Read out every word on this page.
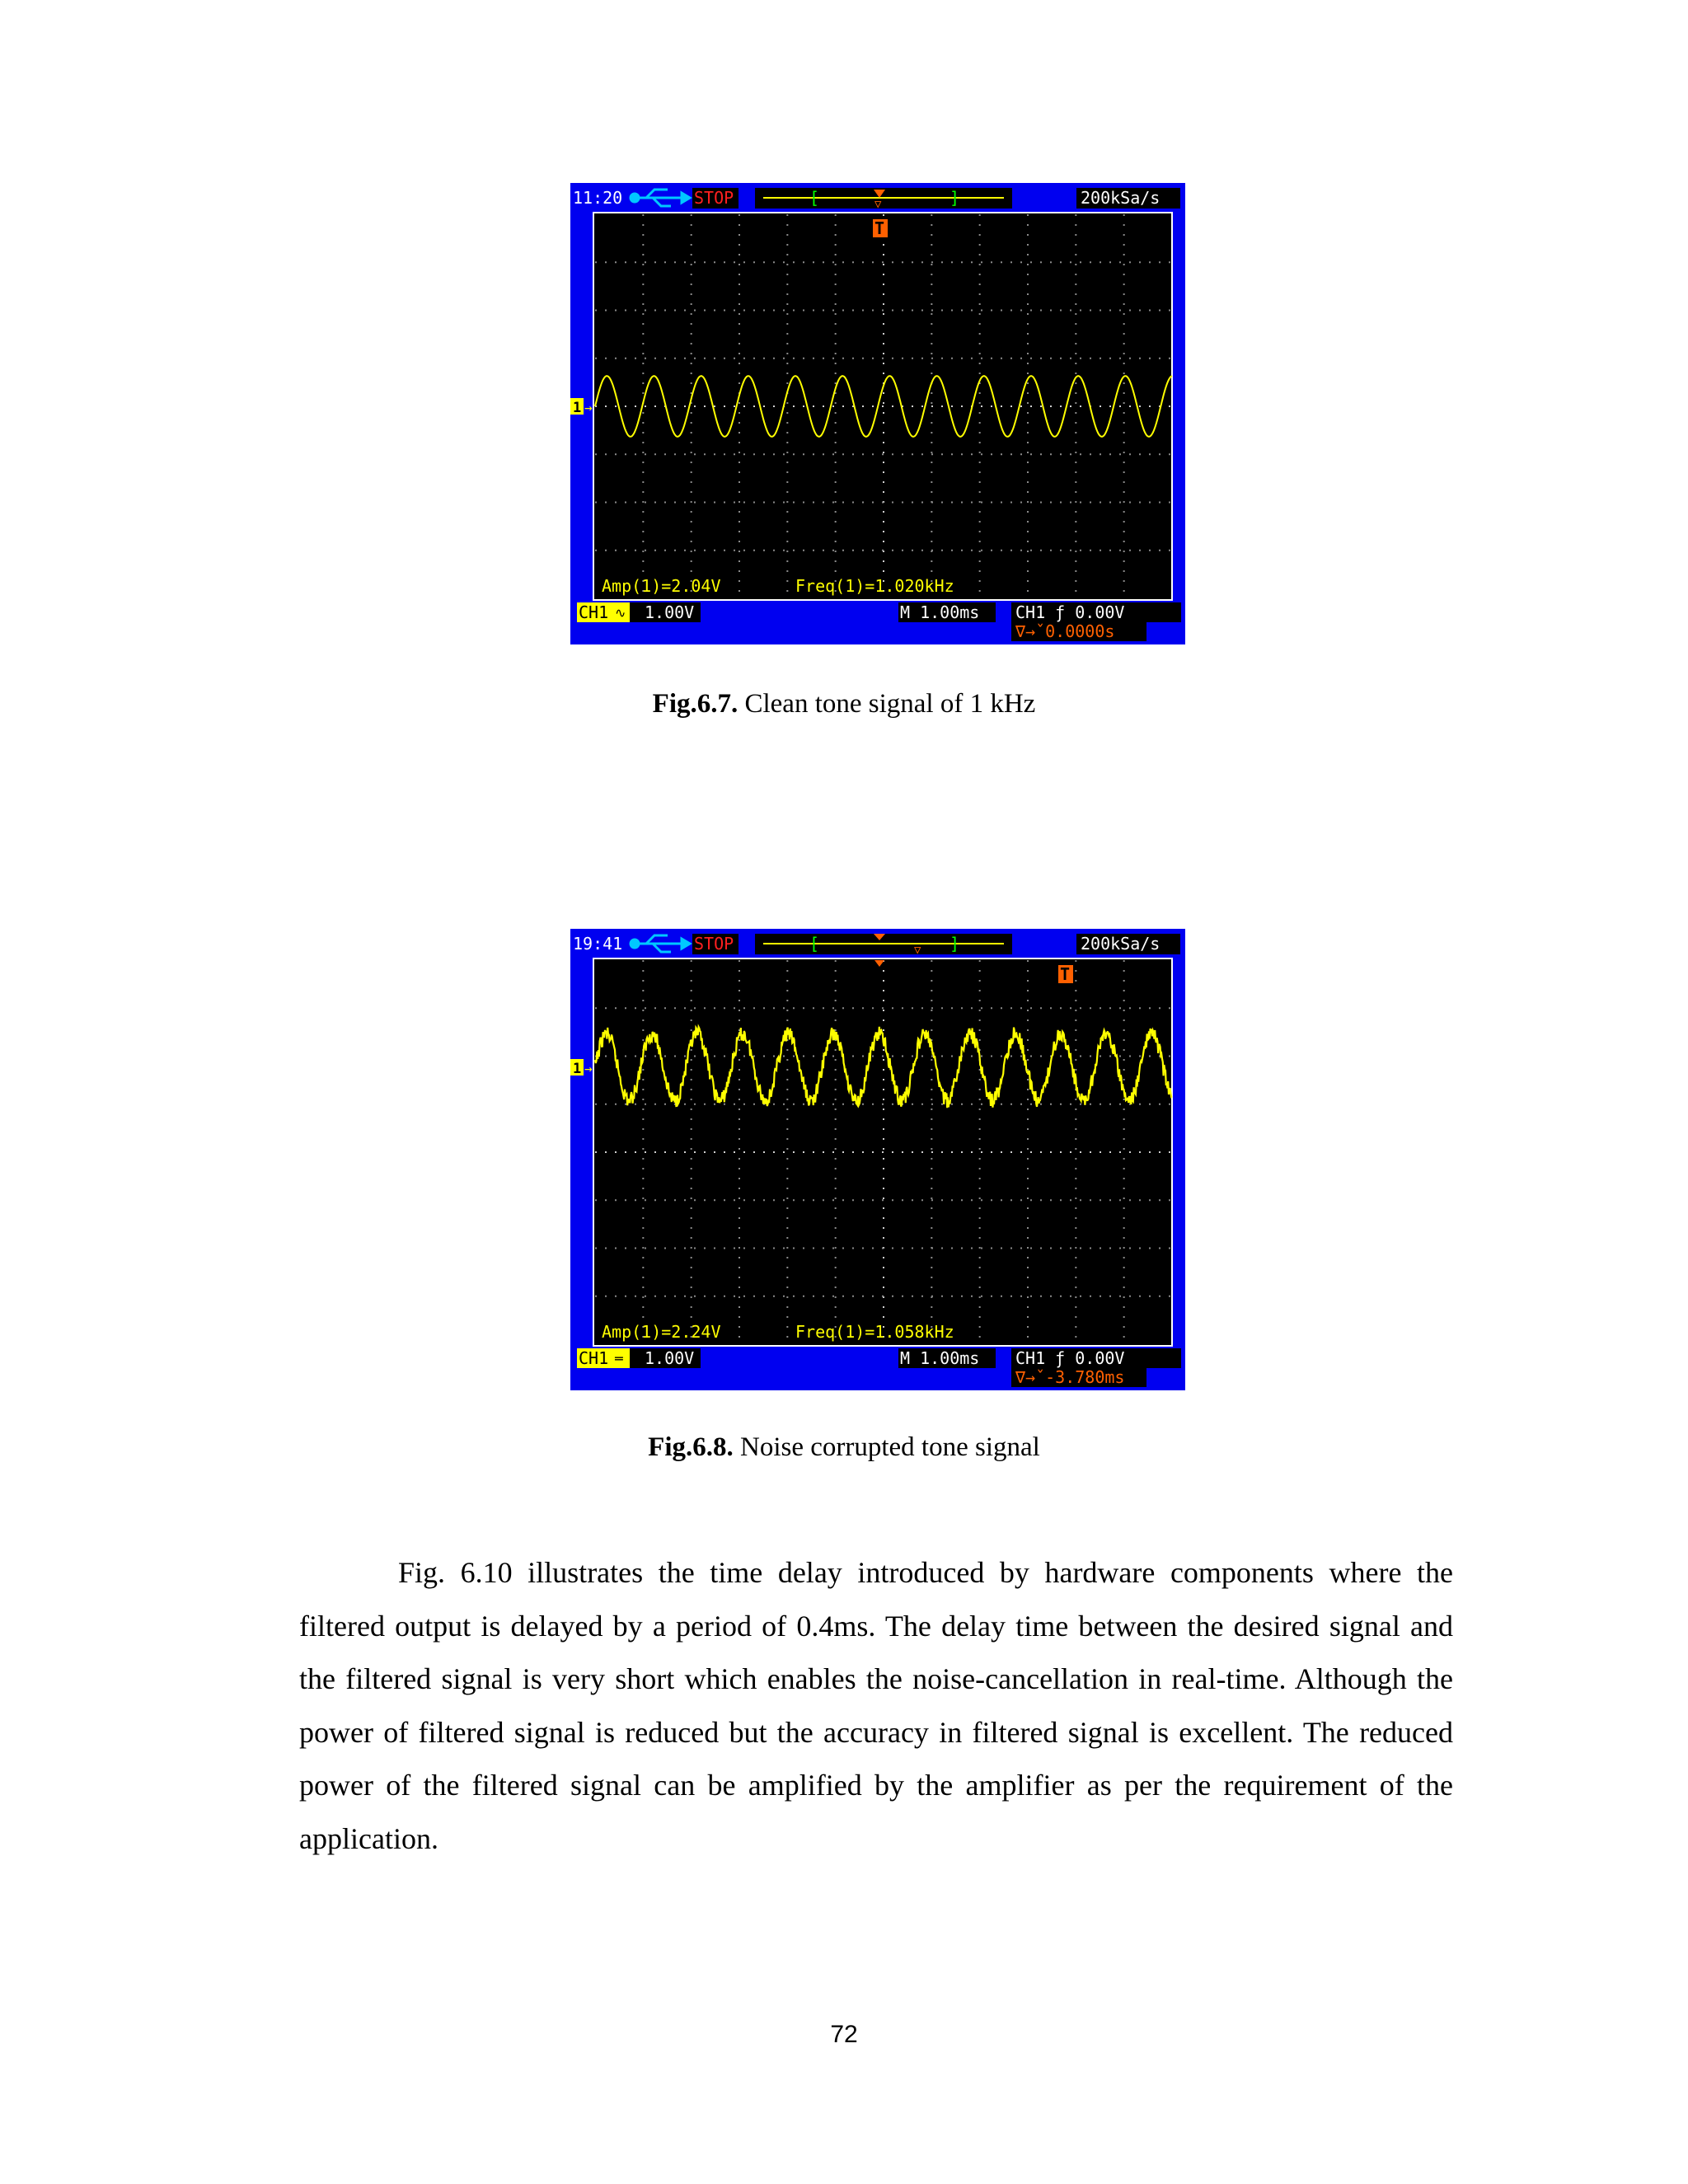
11:20	STOP	[	]
▽	200kSa/s
T
1 →
Amp(1)=2.04V	Freq(1)=1.020kHz
CH1 ∿ 1.00V	M 1.00ms CH1 ƒ 0.00V
∇→ˇ0.0000s
Fig.6.7. Clean tone signal of 1 kHz
19:41	STOP	[	]
▽	200kSa/s
T
1 →
Amp(1)=2.24V	Freq(1)=1.058kHz
CH1 ═ 1.00V	M 1.00ms CH1 ƒ 0.00V
∇→ˇ-3.780ms
Fig.6.8. Noise corrupted tone signal

Fig. 6.10 illustrates the time delay introduced by hardware components where the filtered output is delayed by a period of 0.4ms. The delay time between the desired signal and the filtered signal is very short which enables the noise-cancellation in real-time. Although the power of filtered signal is reduced but the accuracy in filtered signal is excellent. The reduced power of the filtered signal can be amplified by the amplifier as per the requirement of the application.

72
